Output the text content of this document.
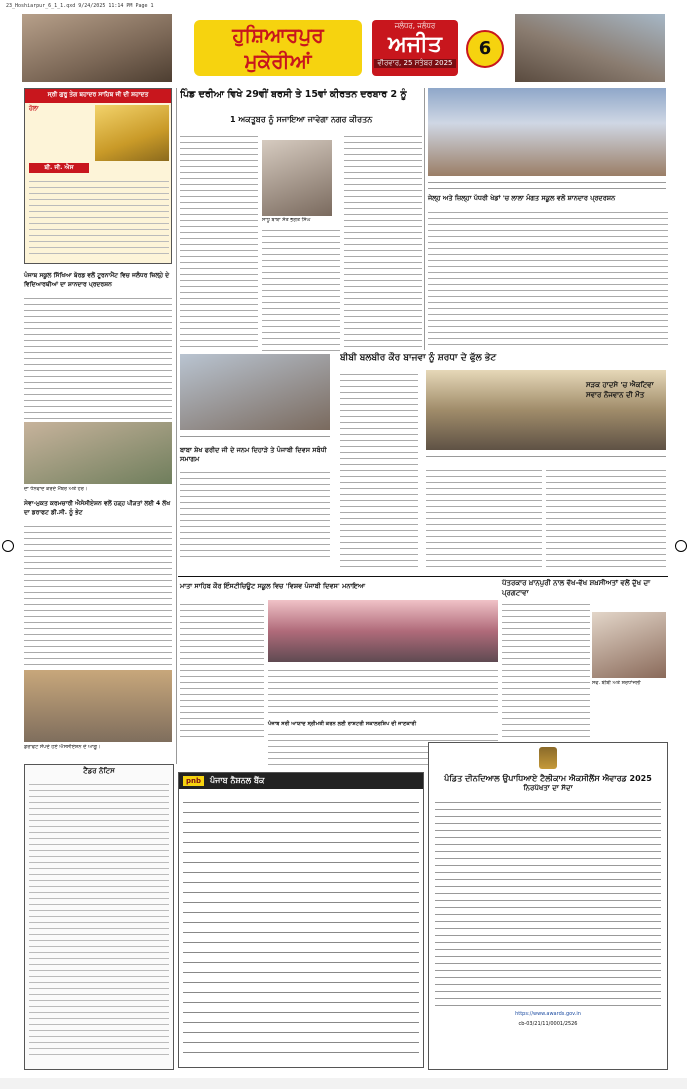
23_Hoshiarpur_6_1_1.qxd 9/24/2025 11:14 PM Page 1
ਹੁਸ਼ਿਆਰਪੁਰ
ਮੁਕੇਰੀਆਂ
ਜਲੰਧਰ, ਜਲੰਧਰ
ਅਜੀਤ
ਵੀਰਵਾਰ, 25 ਸਤੰਬਰ 2025
6
ਸ੍ਰੀ ਗੁਰੂ ਤੇਗ ਬਹਾਦਰ ਸਾਹਿਬ ਜੀ ਦੀ ਸ਼ਹਾਦਤ
ਹੋਲਾ
ਬੀ. ਜੀ. ਐਸ
ਪਿੰਡ ਦਰੀਆ ਵਿਖੇ 29ਵੀਂ ਬਰਸੀ ਤੇ 15ਵਾਂ ਕੀਰਤਨ ਦਰਬਾਰ 2 ਨੂੰ
1 ਅਕਤੂਬਰ ਨੂੰ ਸਜਾਇਆ ਜਾਵੇਗਾ ਨਗਰ ਕੀਰਤਨ
ਸਾਧੂ ਬਾਬਾ ਸੰਤ ਭਗਤ ਸਿੰਘ
ਜੇਲ੍ਹ ਅਤੇ ਜ਼ਿਲ੍ਹਾ ਪੱਧਰੀ ਖੇਡਾਂ 'ਚ ਲਾਲਾ ਮੰਗਤ ਸਕੂਲ ਵਲੋਂ ਸ਼ਾਨਦਾਰ ਪ੍ਰਦਰਸ਼ਨ
ਪੰਜਾਬ ਸਕੂਲ ਸਿੱਖਿਆ ਬੋਰਡ ਵਲੋਂ ਟੂਰਨਾਮੈਂਟ ਵਿਚ ਜਲੰਧਰ ਜ਼ਿਲ੍ਹੇ ਦੇ ਵਿਦਿਆਰਥੀਆਂ ਦਾ ਸ਼ਾਨਦਾਰ ਪ੍ਰਦਰਸ਼ਨ
ਦਾ ਧੰਨਵਾਦ ਕਰਦੇ ਮੈਂਬਰ ਅਤੇ ਹੋਰ।
ਸੇਵਾ-ਮੁਕਤ ਕਰਮਚਾਰੀ ਐਸੋਸੀਏਸ਼ਨ ਵਲੋਂ ਹੜ੍ਹ ਪੀੜਤਾਂ ਲਈ 4 ਲੱਖ ਦਾ ਡਰਾਫਟ ਡੀ.ਸੀ. ਨੂੰ ਭੇਟ
ਡਰਾਫਟ ਸੌਂਪਦੇ ਹੋਏ ਐਸੋਸੀਏਸ਼ਨ ਦੇ ਆਗੂ।
ਬਾਬਾ ਸ਼ੇਖ ਫਰੀਦ ਜੀ ਦੇ ਜਨਮ ਦਿਹਾੜੇ ਤੇ ਪੰਜਾਬੀ ਦਿਵਸ ਸਬੰਧੀ ਸਮਾਗਮ
ਬੀਬੀ ਬਲਬੀਰ ਕੌਰ ਬਾਜਵਾ ਨੂੰ ਸ਼ਰਧਾ ਦੇ ਫੁੱਲ ਭੇਟ
ਸੜਕ ਹਾਦਸੇ 'ਚ ਐਕਟਿਵਾ ਸਵਾਰ ਨੌਜਵਾਨ ਦੀ ਮੌਤ
ਮਾਤਾ ਸਾਹਿਬ ਕੌਰ ਇੰਸਟੀਚਿਊਟ ਸਕੂਲ ਵਿਚ 'ਵਿਸ਼ਵ ਪੰਜਾਬੀ ਦਿਵਸ' ਮਨਾਇਆ	ਪੱਤਰਕਾਰ ਖ਼ਾਨਪੁਰੀ ਨਾਲ ਵੱਖ-ਵੱਖ ਸ਼ਖ਼ਸੀਅਤਾਂ ਵਲੋਂ ਦੁੱਖ ਦਾ ਪ੍ਰਗਟਾਵਾ
ਪੰਜਾਬ ਸਰੀ ਆਯਾਦ ਸ੍ਰੀਮਤੀ ਕਰਨ ਲਈ ਰਾਸ਼ਟਰੀ ਸਕਾਲਰਸ਼ਿਪ ਦੀ ਜਾਣਕਾਰੀ
ਸਵ. ਬੀਬੀ ਅਤੇ ਸ਼ਰਧਾਂਜਲੀ
ਟੈਂਡਰ ਨੋਟਿਸ
pnb	ਪੰਜਾਬ ਨੈਸ਼ਨਲ ਬੈਂਕ	ਪੰਡਿਤ ਦੀਨਦਿਆਲ ਉਪਾਧਿਆਏ ਟੈਲੀਕਾਮ ਐਕਸੀਲੈਂਸ ਐਵਾਰਡ 2025
ਨਿਰਪੱਖਤਾ ਦਾ ਸੱਦਾ
https://www.awards.gov.in
cb-03/21/11/0001/2526
